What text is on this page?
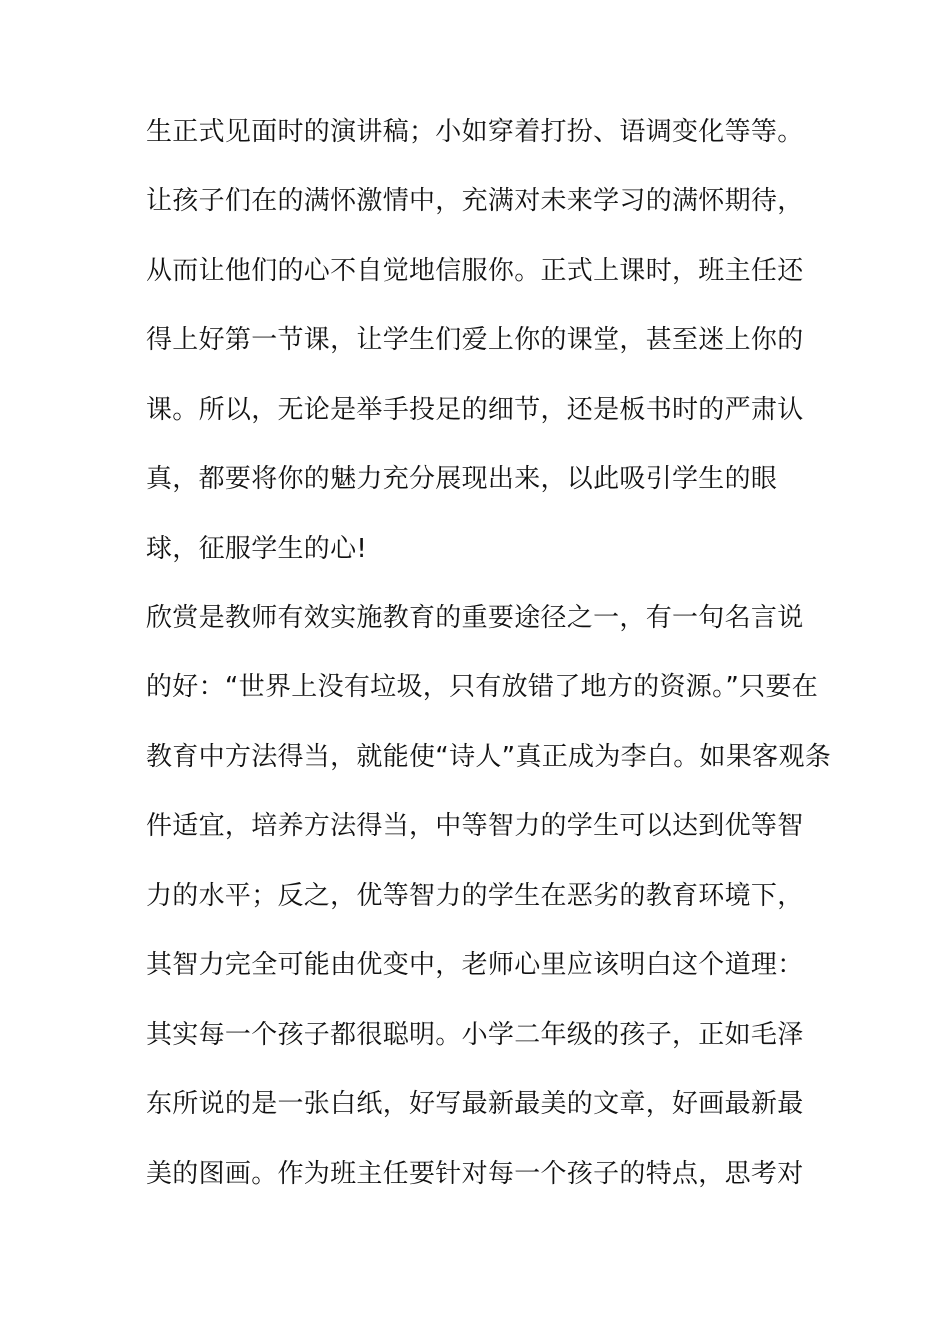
生正式见面时的演讲稿；小如穿着打扮、语调变化等等。
让孩子们在的满怀激情中，充满对未来学习的满怀期待，
从而让他们的心不自觉地信服你。正式上课时，班主任还
得上好第一节课，让学生们爱上你的课堂，甚至迷上你的
课。所以，无论是举手投足的细节，还是板书时的严肃认
真，都要将你的魅力充分展现出来，以此吸引学生的眼
球，征服学生的心!
欣赏是教师有效实施教育的重要途径之一，有一句名言说
的好：“世界上没有垃圾，只有放错了地方的资源。”只要在
教育中方法得当，就能使“诗人”真正成为李白。如果客观条
件适宜，培养方法得当，中等智力的学生可以达到优等智
力的水平；反之，优等智力的学生在恶劣的教育环境下，
其智力完全可能由优变中，老师心里应该明白这个道理：
其实每一个孩子都很聪明。小学二年级的孩子，正如毛泽
东所说的是一张白纸，好写最新最美的文章，好画最新最
美的图画。作为班主任要针对每一个孩子的特点，思考对
